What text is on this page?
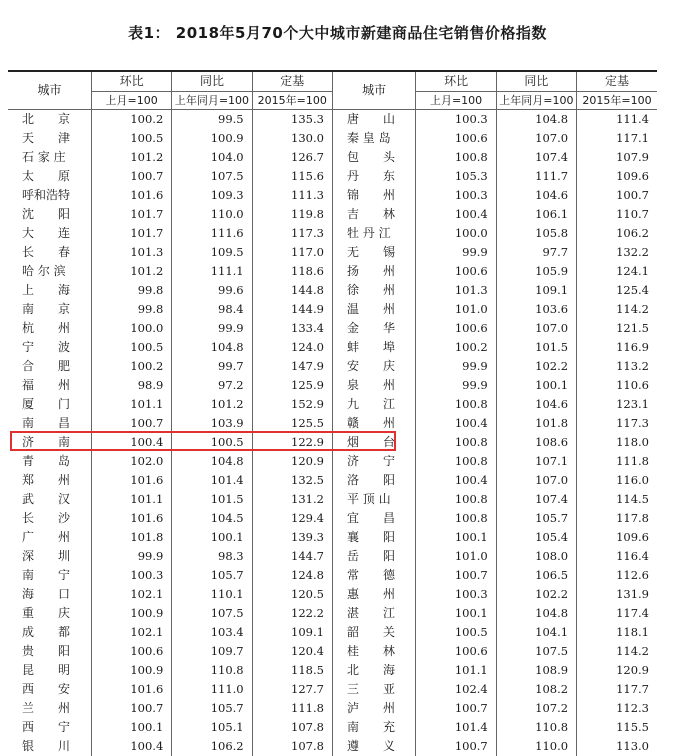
表1： 2018年5月70个大中城市新建商品住宅销售价格指数
城市	环比	同比	定基	城市	环比	同比	定基
	上月=100	上年同月=100	2015年=100		上月=100	上年同月=100	2015年=100
北　　京	100.2	99.5	135.3	唐　　山	100.3	104.8	111.4
天　　津	100.5	100.9	130.0	秦 皇 岛	100.6	107.0	117.1
石 家 庄	101.2	104.0	126.7	包　　头	100.8	107.4	107.9
太　　原	100.7	107.5	115.6	丹　　东	105.3	111.7	109.6
呼和浩特	101.6	109.3	111.3	锦　　州	100.3	104.6	100.7
沈　　阳	101.7	110.0	119.8	吉　　林	100.4	106.1	110.7
大　　连	101.7	111.6	117.3	牡 丹 江	100.0	105.8	106.2
长　　春	101.3	109.5	117.0	无　　锡	99.9	97.7	132.2
哈 尔 滨	101.2	111.1	118.6	扬　　州	100.6	105.9	124.1
上　　海	99.8	99.6	144.8	徐　　州	101.3	109.1	125.4
南　　京	99.8	98.4	144.9	温　　州	101.0	103.6	114.2
杭　　州	100.0	99.9	133.4	金　　华	100.6	107.0	121.5
宁　　波	100.5	104.8	124.0	蚌　　埠	100.2	101.5	116.9
合　　肥	100.2	99.7	147.9	安　　庆	99.9	102.2	113.2
福　　州	98.9	97.2	125.9	泉　　州	99.9	100.1	110.6
厦　　门	101.1	101.2	152.9	九　　江	100.8	104.6	123.1
南　　昌	100.7	103.9	125.5	赣　　州	100.4	101.8	117.3
济　　南	100.4	100.5	122.9	烟　　台	100.8	108.6	118.0
青　　岛	102.0	104.8	120.9	济　　宁	100.8	107.1	111.8
郑　　州	101.6	101.4	132.5	洛　　阳	100.4	107.0	116.0
武　　汉	101.1	101.5	131.2	平 顶 山	100.8	107.4	114.5
长　　沙	101.6	104.5	129.4	宜　　昌	100.8	105.7	117.8
广　　州	101.8	100.1	139.3	襄　　阳	100.1	105.4	109.6
深　　圳	99.9	98.3	144.7	岳　　阳	101.0	108.0	116.4
南　　宁	100.3	105.7	124.8	常　　德	100.7	106.5	112.6
海　　口	102.1	110.1	120.5	惠　　州	100.3	102.2	131.9
重　　庆	100.9	107.5	122.2	湛　　江	100.1	104.8	117.4
成　　都	102.1	103.4	109.1	韶　　关	100.5	104.1	118.1
贵　　阳	100.6	109.7	120.4	桂　　林	100.6	107.5	114.2
昆　　明	100.9	110.8	118.5	北　　海	101.1	108.9	120.9
西　　安	101.6	111.0	127.7	三　　亚	102.4	108.2	117.7
兰　　州	100.7	105.7	111.8	泸　　州	100.7	107.2	112.3
西　　宁	100.1	105.1	107.8	南　　充	101.4	110.8	115.5
银　　川	100.4	106.2	107.8	遵　　义	100.7	110.0	113.0
